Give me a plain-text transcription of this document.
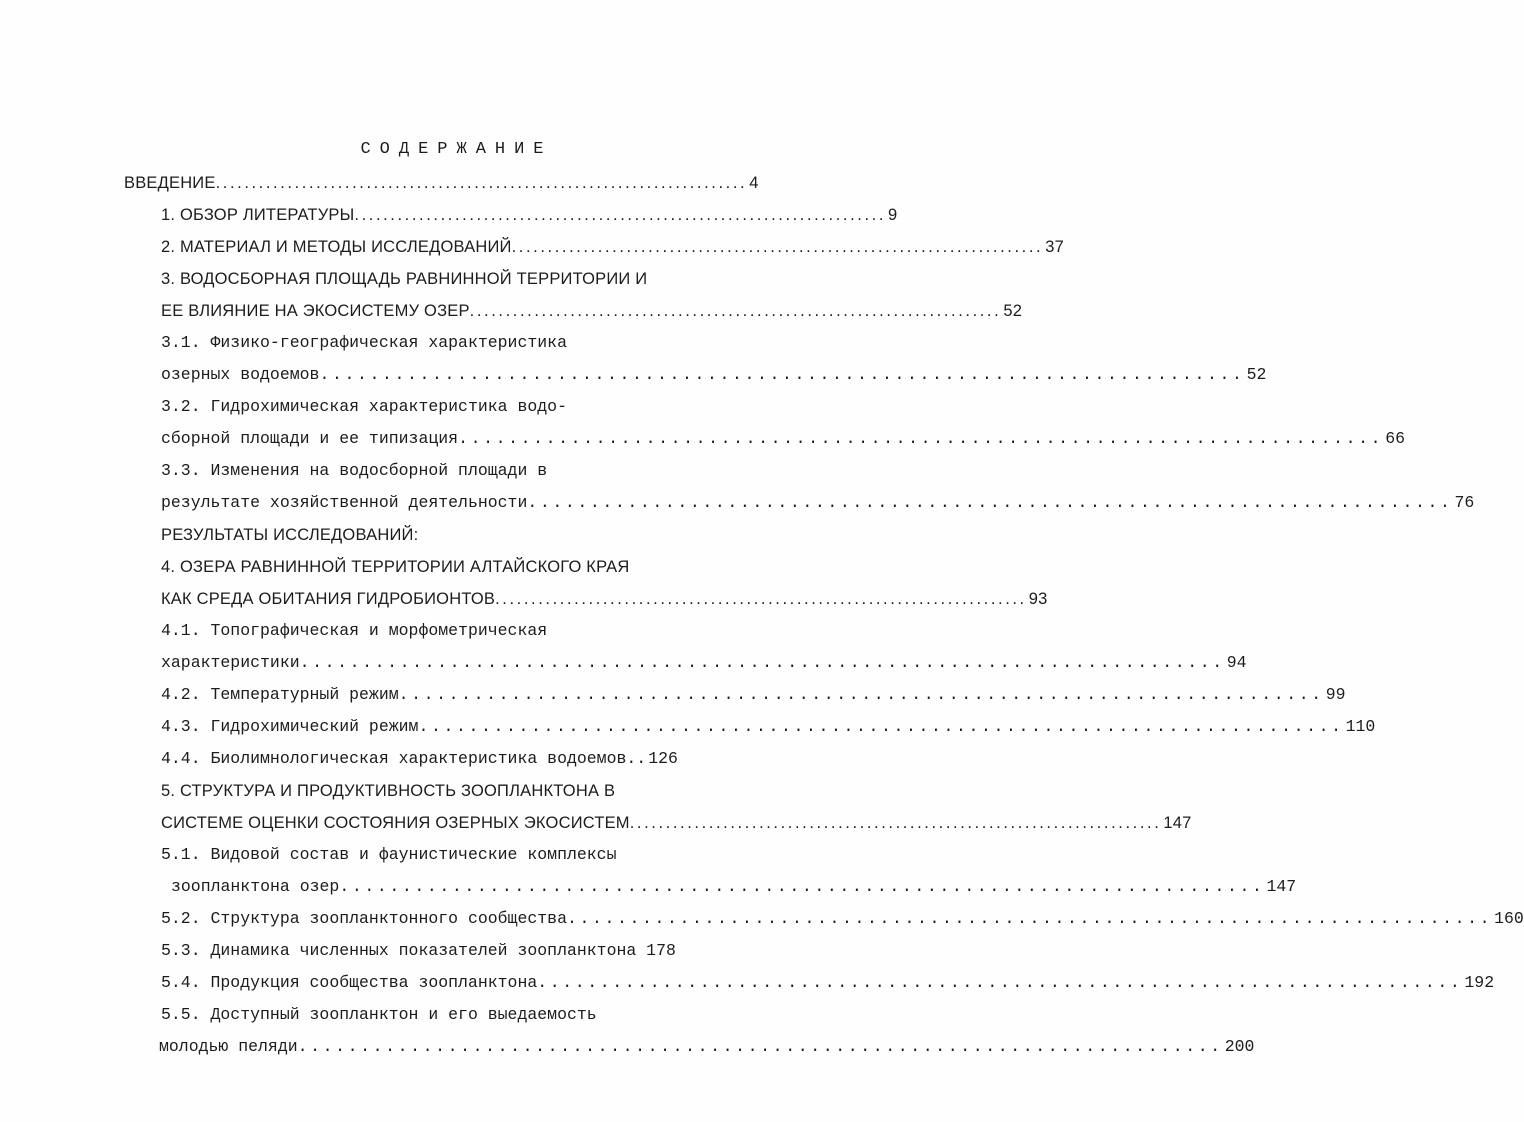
СОДЕРЖАНИЕ
ВВЕДЕНИЕ .......................................................................... 4
1. ОБЗОР ЛИТЕРАТУРЫ .......................................................................... 9
2. МАТЕРИАЛ И МЕТОДЫ ИССЛЕДОВАНИЙ .......................................................................... 37
3. ВОДОСБОРНАЯ ПЛОЩАДЬ РАВНИННОЙ ТЕРРИТОРИИ И
ЕЕ ВЛИЯНИЕ НА ЭКОСИСТЕМУ ОЗЕР .......................................................................... 52
3.1. Физико-географическая характеристика
озерных водоемов .......................................................................... 52
3.2. Гидрохимическая характеристика водо-
сборной площади и ее типизация .......................................................................... 66
3.3. Изменения на водосборной площади в
результате хозяйственной деятельности .......................................................................... 76
РЕЗУЛЬТАТЫ ИССЛЕДОВАНИЙ:
4. ОЗЕРА РАВНИННОЙ ТЕРРИТОРИИ АЛТАЙСКОГО КРАЯ
КАК СРЕДА ОБИТАНИЯ ГИДРОБИОНТОВ .......................................................................... 93
4.1. Топографическая и морфометрическая
характеристики .......................................................................... 94
4.2. Температурный режим .......................................................................... 99
4.3. Гидрохимический режим .......................................................................... 110
4.4. Биолимнологическая характеристика водоемов.. 126
5. СТРУКТУРА И ПРОДУКТИВНОСТЬ ЗООПЛАНКТОНА В
СИСТЕМЕ ОЦЕНКИ СОСТОЯНИЯ ОЗЕРНЫХ ЭКОСИСТЕМ .......................................................................... 147
5.1. Видовой состав и фаунистические комплексы
зоопланктона озер .......................................................................... 147
5.2. Структура зоопланктонного сообщества .......................................................................... 160
5.3. Динамика численных показателей зоопланктона 178
5.4. Продукция сообщества зоопланктона .......................................................................... 192
5.5. Доступный зоопланктон и его выедаемость
молодью пеляди .......................................................................... 200
